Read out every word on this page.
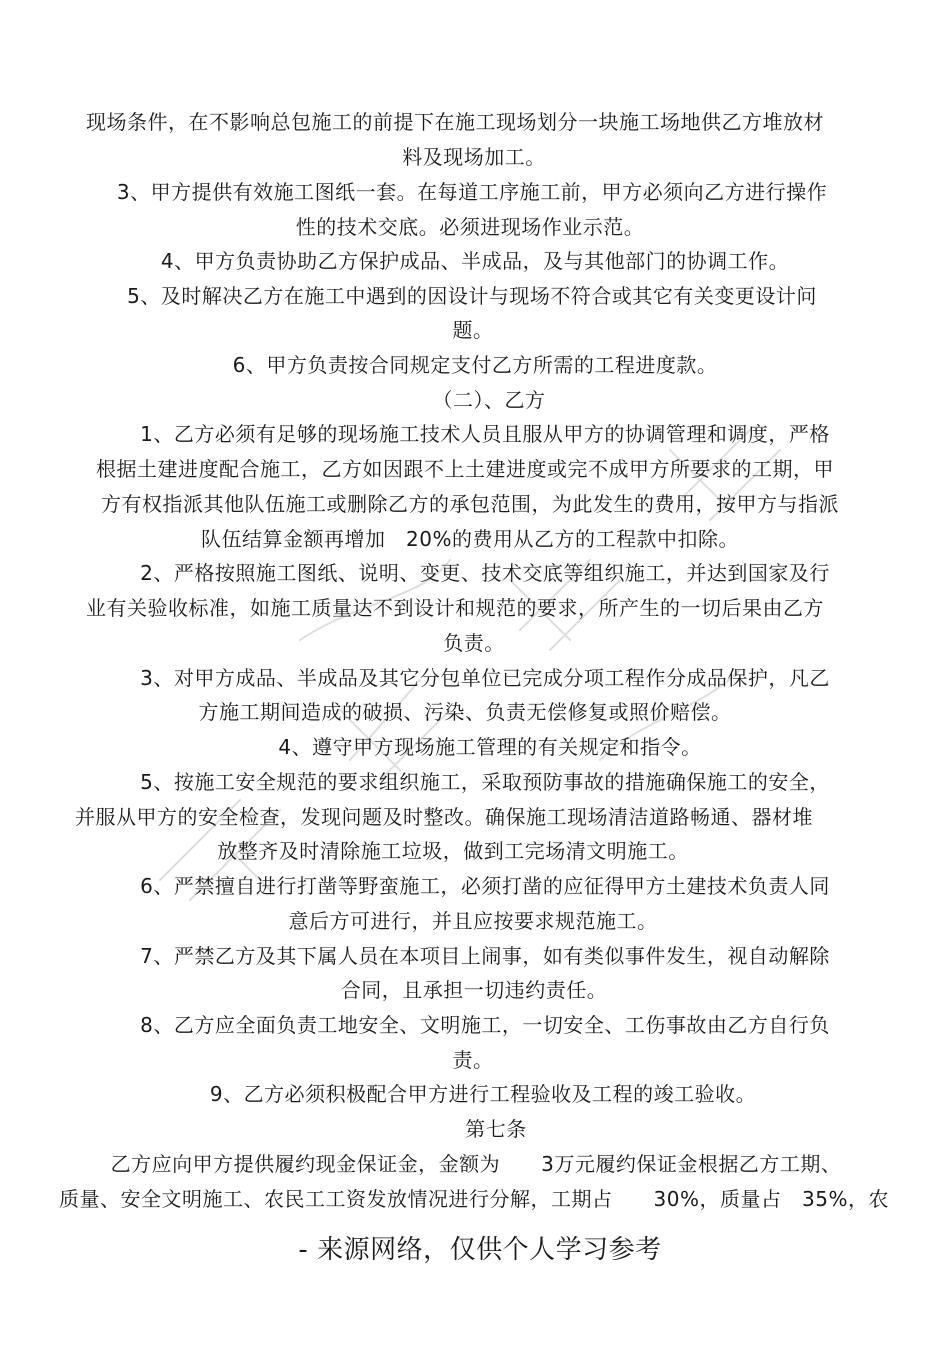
现场条件，在不影响总包施工的前提下在施工现场划分一块施工场地供乙方堆放材
料及现场加工。
3、甲方提供有效施工图纸一套。在每道工序施工前，甲方必须向乙方进行操作
性的技术交底。必须进现场作业示范。
4、甲方负责协助乙方保护成品、半成品，及与其他部门的协调工作。
5、及时解决乙方在施工中遇到的因设计与现场不符合或其它有关变更设计问
题。
6、甲方负责按合同规定支付乙方所需的工程进度款。
（二）、乙方
1、乙方必须有足够的现场施工技术人员且服从甲方的协调管理和调度，严格
根据土建进度配合施工，乙方如因跟不上土建进度或完不成甲方所要求的工期，甲
方有权指派其他队伍施工或删除乙方的承包范围，为此发生的费用，按甲方与指派
队伍结算金额再增加　20%的费用从乙方的工程款中扣除。
2、严格按照施工图纸、说明、变更、技术交底等组织施工，并达到国家及行
业有关验收标准，如施工质量达不到设计和规范的要求，所产生的一切后果由乙方
负责。
3、对甲方成品、半成品及其它分包单位已完成分项工程作分成品保护，凡乙
方施工期间造成的破损、污染、负责无偿修复或照价赔偿。
4、遵守甲方现场施工管理的有关规定和指令。
5、按施工安全规范的要求组织施工，采取预防事故的措施确保施工的安全，
并服从甲方的安全检查，发现问题及时整改。确保施工现场清洁道路畅通、器材堆
放整齐及时清除施工垃圾，做到工完场清文明施工。
6、严禁擅自进行打凿等野蛮施工，必须打凿的应征得甲方土建技术负责人同
意后方可进行，并且应按要求规范施工。
7、严禁乙方及其下属人员在本项目上闹事，如有类似事件发生，视自动解除
合同，且承担一切违约责任。
8、乙方应全面负责工地安全、文明施工，一切安全、工伤事故由乙方自行负
责。
9、乙方必须积极配合甲方进行工程验收及工程的竣工验收。
第七条
乙方应向甲方提供履约现金保证金，金额为　　3万元履约保证金根据乙方工期、
质量、安全文明施工、农民工工资发放情况进行分解，工期占　　30%，质量占　35%，农
- 来源网络，仅供个人学习参考
